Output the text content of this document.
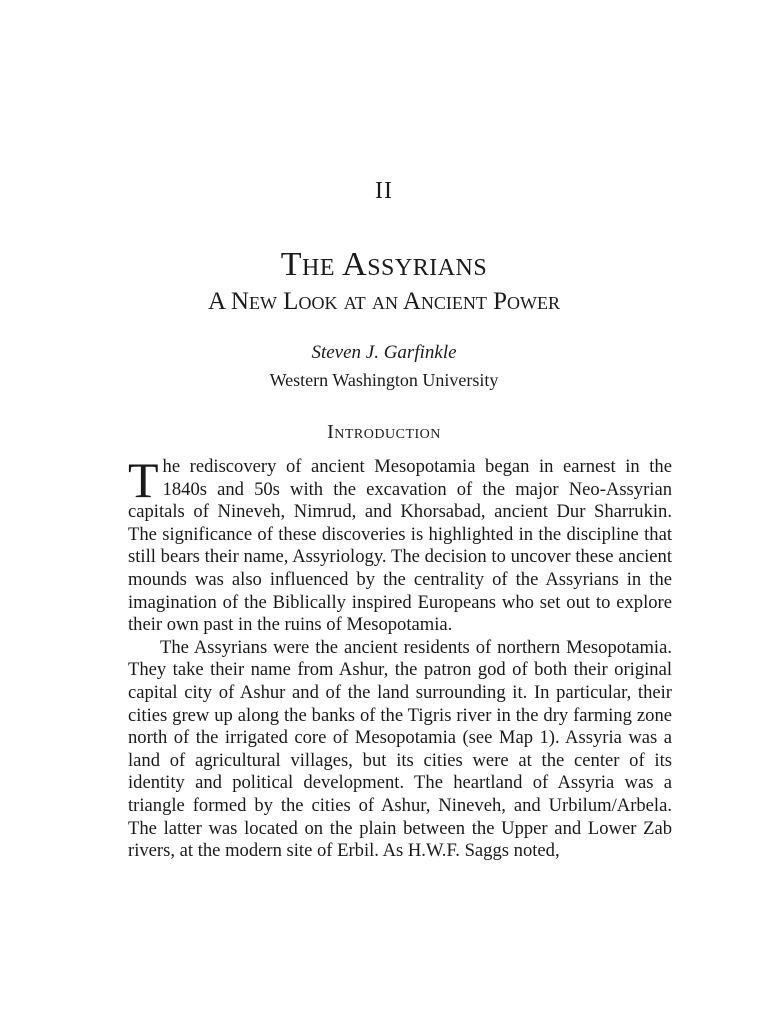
II
The Assyrians
A New Look at an Ancient Power
Steven J. Garfinkle
Western Washington University
Introduction

The rediscovery of ancient Mesopotamia began in earnest in the 1840s and 50s with the excavation of the major Neo-Assyrian capitals of Nineveh, Nimrud, and Khorsabad, ancient Dur Sharrukin. The significance of these discoveries is highlighted in the discipline that still bears their name, Assyriology. The decision to uncover these ancient mounds was also influenced by the centrality of the Assyrians in the imagination of the Biblically inspired Europeans who set out to explore their own past in the ruins of Mesopotamia.

The Assyrians were the ancient residents of northern Mesopotamia. They take their name from Ashur, the patron god of both their original capital city of Ashur and of the land surrounding it. In particular, their cities grew up along the banks of the Tigris river in the dry farming zone north of the irrigated core of Mesopotamia (see Map 1). Assyria was a land of agricultural villages, but its cities were at the center of its identity and political development. The heartland of Assyria was a triangle formed by the cities of Ashur, Nineveh, and Urbilum/Arbela. The latter was located on the plain between the Upper and Lower Zab rivers, at the modern site of Erbil. As H.W.F. Saggs noted,
